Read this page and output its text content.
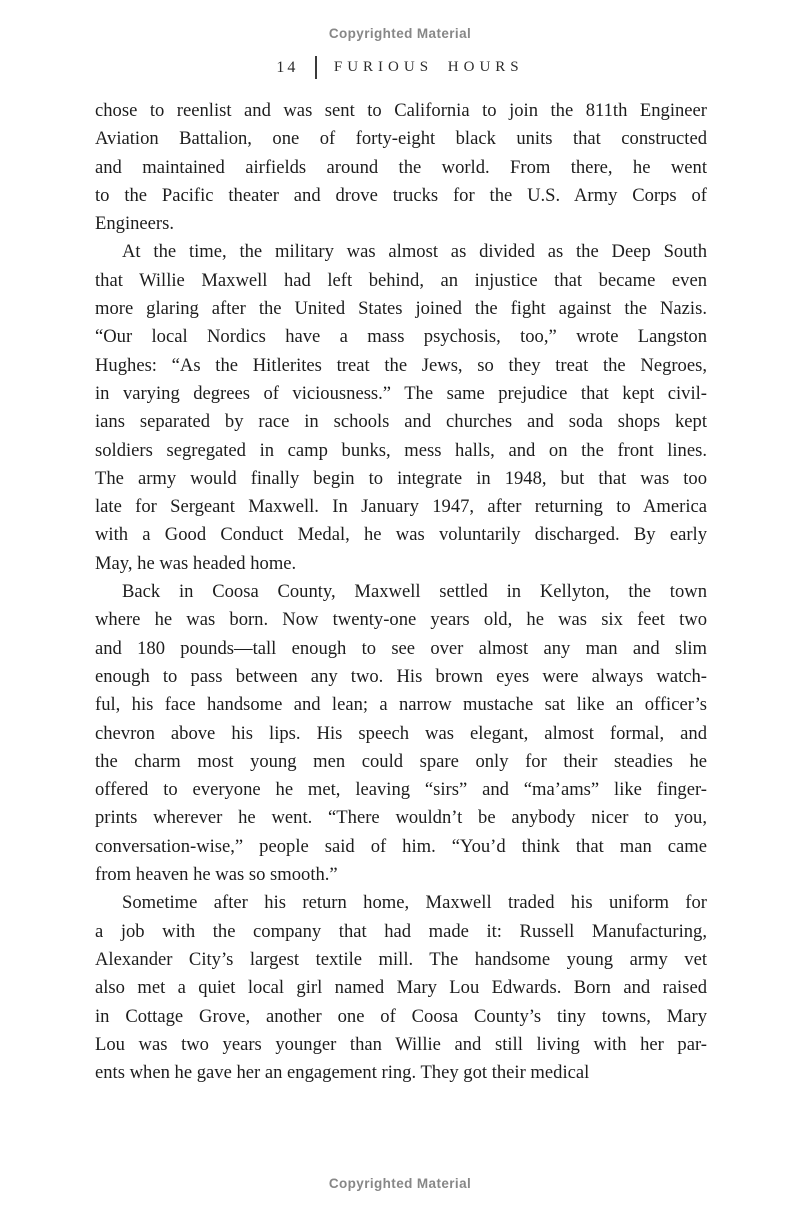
Copyrighted Material
14 FURIOUS HOURS
chose to reenlist and was sent to California to join the 811th Engineer
Aviation Battalion, one of forty-eight black units that constructed
and maintained airfields around the world. From there, he went
to the Pacific theater and drove trucks for the U.S. Army Corps of
Engineers.
At the time, the military was almost as divided as the Deep South
that Willie Maxwell had left behind, an injustice that became even
more glaring after the United States joined the fight against the Nazis.
“Our local Nordics have a mass psychosis, too,” wrote Langston
Hughes: “As the Hitlerites treat the Jews, so they treat the Negroes,
in varying degrees of viciousness.” The same prejudice that kept civil-
ians separated by race in schools and churches and soda shops kept
soldiers segregated in camp bunks, mess halls, and on the front lines.
The army would finally begin to integrate in 1948, but that was too
late for Sergeant Maxwell. In January 1947, after returning to America
with a Good Conduct Medal, he was voluntarily discharged. By early
May, he was headed home.
Back in Coosa County, Maxwell settled in Kellyton, the town
where he was born. Now twenty-one years old, he was six feet two
and 180 pounds—tall enough to see over almost any man and slim
enough to pass between any two. His brown eyes were always watch-
ful, his face handsome and lean; a narrow mustache sat like an officer’s
chevron above his lips. His speech was elegant, almost formal, and
the charm most young men could spare only for their steadies he
offered to everyone he met, leaving “sirs” and “ma’ams” like finger-
prints wherever he went. “There wouldn’t be anybody nicer to you,
conversation-wise,” people said of him. “You’d think that man came
from heaven he was so smooth.”
Sometime after his return home, Maxwell traded his uniform for
a job with the company that had made it: Russell Manufacturing,
Alexander City’s largest textile mill. The handsome young army vet
also met a quiet local girl named Mary Lou Edwards. Born and raised
in Cottage Grove, another one of Coosa County’s tiny towns, Mary
Lou was two years younger than Willie and still living with her par-
ents when he gave her an engagement ring. They got their medical
Copyrighted Material
